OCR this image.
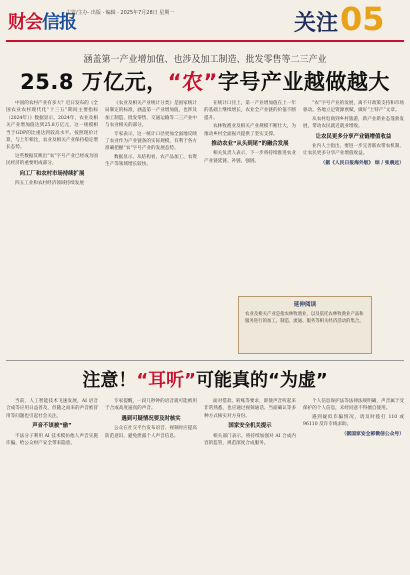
财会信报
主管/主办· 出版 · 编辑 · 2025年7月28日 星期一	关注 05
涵盖第一产业增加值、也涉及加工制造、批发零售等二三产业
25.8 万亿元，“农”字号产业越做越大

中国的农村产业有多大？近日发布的《全国农业农村现代化“十三五”期间主要指标（2024年）》数据显示，2024年，农业及相关产业增加值达到25.8万亿元，这一规模相当于GDP的比重达到较高水平。按照现价计算，与上年相比，农业及相关产业保持稳定增长态势。

这些数据反映出“农”字号产业已经成为国民经济的重要组成部分。

向工厂和农村市场持续扩展

四五工业和农村经济领域持续发展

《农业及相关产业统计分类》是国家统计局制定的标准，涵盖第一产业增加值，也涉及加工制造、批发零售、交通运输等二三产业中与农业相关的部分。

专家表示，这一统计口径更加全面地反映了农业作为产业链条的实际规模，有利于各方准确把握“农”字号产业的发展态势。

数据显示，从结构看，农产品加工、农资生产等领域增长较快。

在统计口径上，第一产业增加值在上一年的基础上继续增长，农业全产业链的价值不断提升。

农林牧渔业及相关产业规模不断壮大，为推动乡村全面振兴提供了坚实支撑。

推动农业“从头到尾”的融合发展

相关负责人表示，下一步将持续推进农业产业链延链、补链、强链。

“农”字号产业的发展，离不开政策支持和市场驱动。各地立足资源禀赋，做好“土特产”文章。

从农村电商到乡村旅游，新产业新业态蓬勃发展，带动农民就近就业增收。

让农民更多分享产业链增值收益

业内人士指出，要进一步完善联农带农机制，让农民更多分享产业增值收益。

（据《人民日报海外版》 综 / 张晨远）
延伸阅读
农业及相关产业是指农林牧渔业，以及依托农林牧渔业产品和服务进行的加工、制造、流通、服务等相关经济活动的集合。
注意！“耳听”可能真的“为虚”

当前，人工智能技术飞速发展，AI 语音合成等应用日益普及，但随之而来的声音被冒用等问题也引起社会关注。

声音不该被“偷”

不法分子利用 AI 技术模仿他人声音实施诈骗，给公众财产安全带来隐患。

专家提醒，一段几秒钟的语音就可能被用于合成高度逼真的声音。

遇到可疑情况要及时核实

公众在社交平台发布语音、视频时应提高防范意识，避免泄露个人声音信息。

面对借款、转账等要求，即使声音听起来非常熟悉，也应通过视频通话、当面确认等多种方式核实对方身份。

国家安全机关提示

相关部门表示，将持续加强对 AI 合成内容的监管，规范深度合成服务。

个人信息保护法等法律法规明确，声音属于受保护的个人信息，未经同意不得擅自使用。

遇到疑似诈骗情况，请及时拨打 110 或 96110 反诈专线求助。

（据国家安全部微信公众号）
